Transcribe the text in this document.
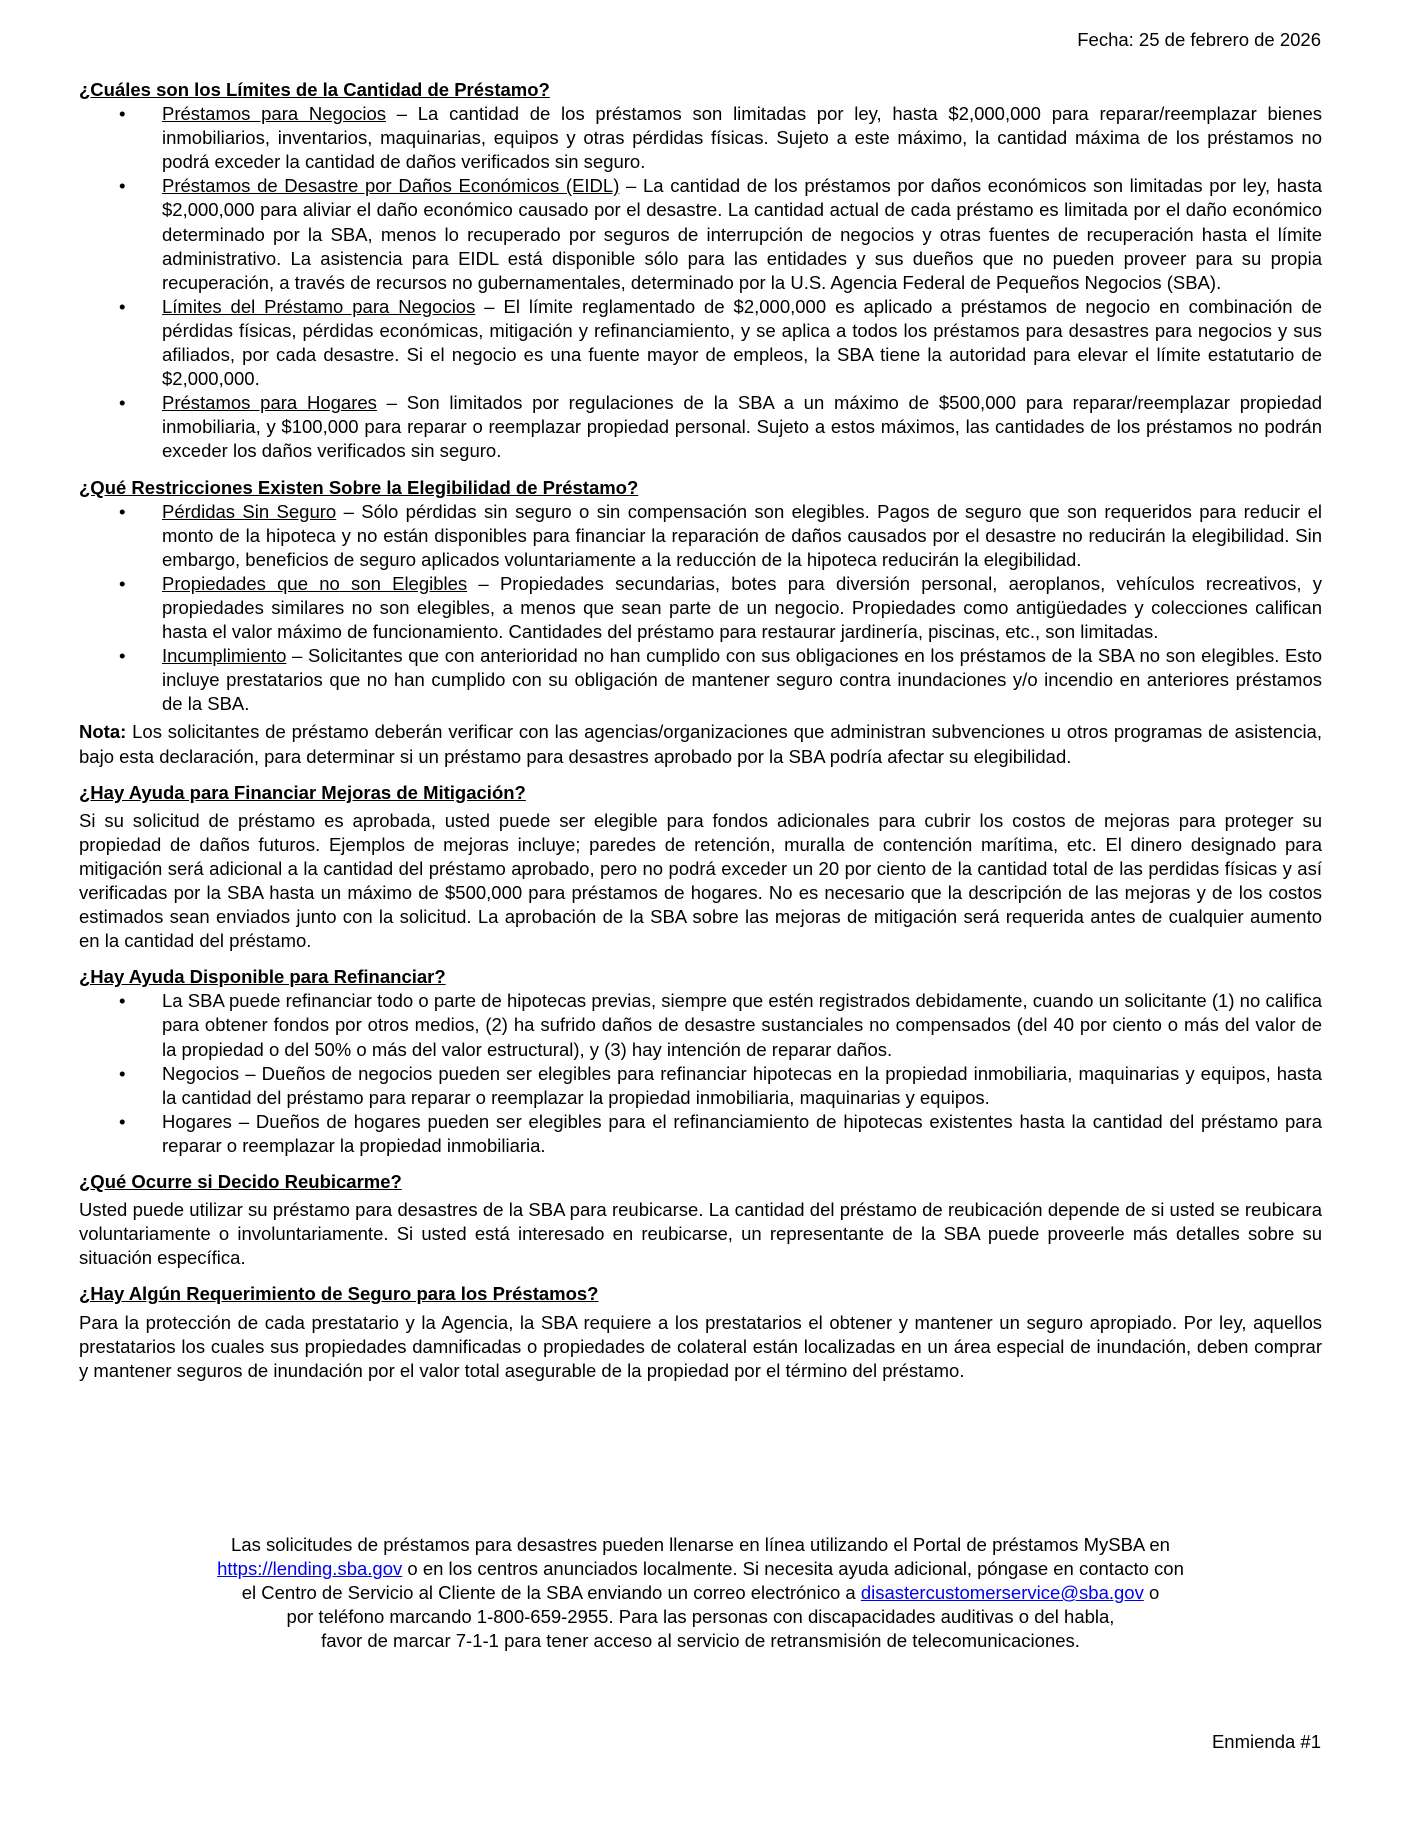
Fecha: 25 de febrero de 2026
¿Cuáles son los Límites de la Cantidad de Préstamo?
• Préstamos para Negocios – La cantidad de los préstamos son limitadas por ley, hasta $2,000,000 para reparar/reemplazar bienes inmobiliarios, inventarios, maquinarias, equipos y otras pérdidas físicas. Sujeto a este máximo, la cantidad máxima de los préstamos no podrá exceder la cantidad de daños verificados sin seguro.
• Préstamos de Desastre por Daños Económicos (EIDL) – La cantidad de los préstamos por daños económicos son limitadas por ley, hasta $2,000,000 para aliviar el daño económico causado por el desastre. La cantidad actual de cada préstamo es limitada por el daño económico determinado por la SBA, menos lo recuperado por seguros de interrupción de negocios y otras fuentes de recuperación hasta el límite administrativo. La asistencia para EIDL está disponible sólo para las entidades y sus dueños que no pueden proveer para su propia recuperación, a través de recursos no gubernamentales, determinado por la U.S. Agencia Federal de Pequeños Negocios (SBA).
• Límites del Préstamo para Negocios – El límite reglamentado de $2,000,000 es aplicado a préstamos de negocio en combinación de pérdidas físicas, pérdidas económicas, mitigación y refinanciamiento, y se aplica a todos los préstamos para desastres para negocios y sus afiliados, por cada desastre. Si el negocio es una fuente mayor de empleos, la SBA tiene la autoridad para elevar el límite estatutario de $2,000,000.
• Préstamos para Hogares – Son limitados por regulaciones de la SBA a un máximo de $500,000 para reparar/reemplazar propiedad inmobiliaria, y $100,000 para reparar o reemplazar propiedad personal. Sujeto a estos máximos, las cantidades de los préstamos no podrán exceder los daños verificados sin seguro.
¿Qué Restricciones Existen Sobre la Elegibilidad de Préstamo?
• Pérdidas Sin Seguro – Sólo pérdidas sin seguro o sin compensación son elegibles. Pagos de seguro que son requeridos para reducir el monto de la hipoteca y no están disponibles para financiar la reparación de daños causados por el desastre no reducirán la elegibilidad. Sin embargo, beneficios de seguro aplicados voluntariamente a la reducción de la hipoteca reducirán la elegibilidad.
• Propiedades que no son Elegibles – Propiedades secundarias, botes para diversión personal, aeroplanos, vehículos recreativos, y propiedades similares no son elegibles, a menos que sean parte de un negocio. Propiedades como antigüedades y colecciones califican hasta el valor máximo de funcionamiento. Cantidades del préstamo para restaurar jardinería, piscinas, etc., son limitadas.
• Incumplimiento – Solicitantes que con anterioridad no han cumplido con sus obligaciones en los préstamos de la SBA no son elegibles. Esto incluye prestatarios que no han cumplido con su obligación de mantener seguro contra inundaciones y/o incendio en anteriores préstamos de la SBA.

Nota: Los solicitantes de préstamo deberán verificar con las agencias/organizaciones que administran subvenciones u otros programas de asistencia, bajo esta declaración, para determinar si un préstamo para desastres aprobado por la SBA podría afectar su elegibilidad.

¿Hay Ayuda para Financiar Mejoras de Mitigación?

Si su solicitud de préstamo es aprobada, usted puede ser elegible para fondos adicionales para cubrir los costos de mejoras para proteger su propiedad de daños futuros. Ejemplos de mejoras incluye; paredes de retención, muralla de contención marítima, etc. El dinero designado para mitigación será adicional a la cantidad del préstamo aprobado, pero no podrá exceder un 20 por ciento de la cantidad total de las perdidas físicas y así verificadas por la SBA hasta un máximo de $500,000 para préstamos de hogares. No es necesario que la descripción de las mejoras y de los costos estimados sean enviados junto con la solicitud. La aprobación de la SBA sobre las mejoras de mitigación será requerida antes de cualquier aumento en la cantidad del préstamo.

¿Hay Ayuda Disponible para Refinanciar?
• La SBA puede refinanciar todo o parte de hipotecas previas, siempre que estén registrados debidamente, cuando un solicitante (1) no califica para obtener fondos por otros medios, (2) ha sufrido daños de desastre sustanciales no compensados (del 40 por ciento o más del valor de la propiedad o del 50% o más del valor estructural), y (3) hay intención de reparar daños.
• Negocios – Dueños de negocios pueden ser elegibles para refinanciar hipotecas en la propiedad inmobiliaria, maquinarias y equipos, hasta la cantidad del préstamo para reparar o reemplazar la propiedad inmobiliaria, maquinarias y equipos.
• Hogares – Dueños de hogares pueden ser elegibles para el refinanciamiento de hipotecas existentes hasta la cantidad del préstamo para reparar o reemplazar la propiedad inmobiliaria.
¿Qué Ocurre si Decido Reubicarme?

Usted puede utilizar su préstamo para desastres de la SBA para reubicarse. La cantidad del préstamo de reubicación depende de si usted se reubicara voluntariamente o involuntariamente. Si usted está interesado en reubicarse, un representante de la SBA puede proveerle más detalles sobre su situación específica.

¿Hay Algún Requerimiento de Seguro para los Préstamos?

Para la protección de cada prestatario y la Agencia, la SBA requiere a los prestatarios el obtener y mantener un seguro apropiado. Por ley, aquellos prestatarios los cuales sus propiedades damnificadas o propiedades de colateral están localizadas en un área especial de inundación, deben comprar y mantener seguros de inundación por el valor total asegurable de la propiedad por el término del préstamo.

Las solicitudes de préstamos para desastres pueden llenarse en línea utilizando el Portal de préstamos MySBA en
https://lending.sba.gov o en los centros anunciados localmente. Si necesita ayuda adicional, póngase en contacto con
el Centro de Servicio al Cliente de la SBA enviando un correo electrónico a disastercustomerservice@sba.gov o
por teléfono marcando 1-800-659-2955. Para las personas con discapacidades auditivas o del habla,
favor de marcar 7-1-1 para tener acceso al servicio de retransmisión de telecomunicaciones.
Enmienda #1
